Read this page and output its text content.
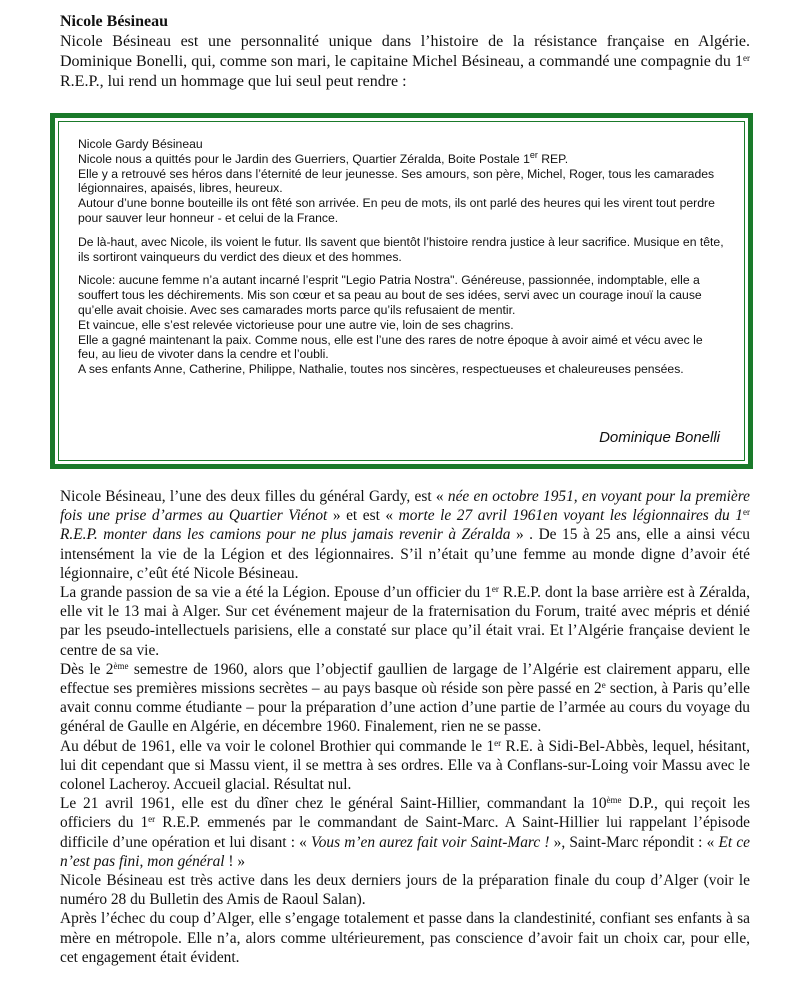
Nicole Bésineau

Nicole Bésineau est une personnalité unique dans l’histoire de la résistance française en Algérie. Dominique Bonelli, qui, comme son mari, le capitaine Michel Bésineau, a commandé une compagnie du 1er R.E.P., lui rend un hommage que lui seul peut rendre :

Dominique Bonelli

Nicole Gardy Bésineau

Nicole nous a quittés pour le Jardin des Guerriers, Quartier Zéralda, Boite Postale 1er REP.

Elle y a retrouvé ses héros dans l’éternité de leur jeunesse. Ses amours, son père, Michel, Roger, tous les camarades légionnaires, apaisés, libres, heureux.

Autour d’une bonne bouteille ils ont fêté son arrivée. En peu de mots, ils ont parlé des heures qui les virent tout perdre pour sauver leur honneur - et celui de la France.

De là-haut, avec Nicole, ils voient le futur. Ils savent que bientôt l’histoire rendra justice à leur sacrifice. Musique en tête, ils sortiront vainqueurs du verdict des dieux et des hommes.

Nicole: aucune femme n’a autant incarné l’esprit "Legio Patria Nostra". Généreuse, passionnée, indomptable, elle a souffert tous les déchirements. Mis son cœur et sa peau au bout de ses idées, servi avec un courage inouï la cause qu’elle avait choisie. Avec ses camarades morts parce qu’ils refusaient de mentir.

Et vaincue, elle s’est relevée victorieuse pour une autre vie, loin de ses chagrins.

Elle a gagné maintenant la paix. Comme nous, elle est l’une des rares de notre époque à avoir aimé et vécu avec le feu, au lieu de vivoter dans la cendre et l’oubli.

A ses enfants Anne, Catherine, Philippe, Nathalie, toutes nos sincères, respectueuses et chaleureuses pensées.

Nicole Bésineau, l’une des deux filles du général Gardy, est « née en octobre 1951, en voyant pour la première fois une prise d’armes au Quartier Viénot » et est « morte le 27 avril 1961en voyant les légionnaires du 1er R.E.P. monter dans les camions pour ne plus jamais revenir à Zéralda » . De 15 à 25 ans, elle a ainsi vécu intensément la vie de la Légion et des légionnaires. S’il n’était qu’une femme au monde digne d’avoir été légionnaire, c’eût été Nicole Bésineau.

La grande passion de sa vie a été la Légion. Epouse d’un officier du 1er R.E.P. dont la base arrière est à Zéralda, elle vit le 13 mai à Alger. Sur cet événement majeur de la fraternisation du Forum, traité avec mépris et dénié par les pseudo-intellectuels parisiens, elle a constaté sur place qu’il était vrai. Et l’Algérie française devient le centre de sa vie.

Dès le 2ème semestre de 1960, alors que l’objectif gaullien de largage de l’Algérie est clairement apparu, elle effectue ses premières missions secrètes – au pays basque où réside son père passé en 2e section, à Paris qu’elle avait connu comme étudiante – pour la préparation d’une action d’une partie de l’armée au cours du voyage du général de Gaulle en Algérie, en décembre 1960. Finalement, rien ne se passe.

Au début de 1961, elle va voir le colonel Brothier qui commande le 1er R.E. à Sidi-Bel-Abbès, lequel, hésitant, lui dit cependant que si Massu vient, il se mettra à ses ordres. Elle va à Conflans-sur-Loing voir Massu avec le colonel Lacheroy. Accueil glacial. Résultat nul.

Le 21 avril 1961, elle est du dîner chez le général Saint-Hillier, commandant la 10ème D.P., qui reçoit les officiers du 1er R.E.P. emmenés par le commandant de Saint-Marc. A Saint-Hillier lui rappelant l’épisode difficile d’une opération et lui disant : « Vous m’en aurez fait voir Saint-Marc ! », Saint-Marc répondit : « Et ce n’est pas fini, mon général ! »

Nicole Bésineau est très active dans les deux derniers jours de la préparation finale du coup d’Alger (voir le numéro 28 du Bulletin des Amis de Raoul Salan).

Après l’échec du coup d’Alger, elle s’engage totalement et passe dans la clandestinité, confiant ses enfants à sa mère en métropole. Elle n’a, alors comme ultérieurement, pas conscience d’avoir fait un choix car, pour elle, cet engagement était évident.
